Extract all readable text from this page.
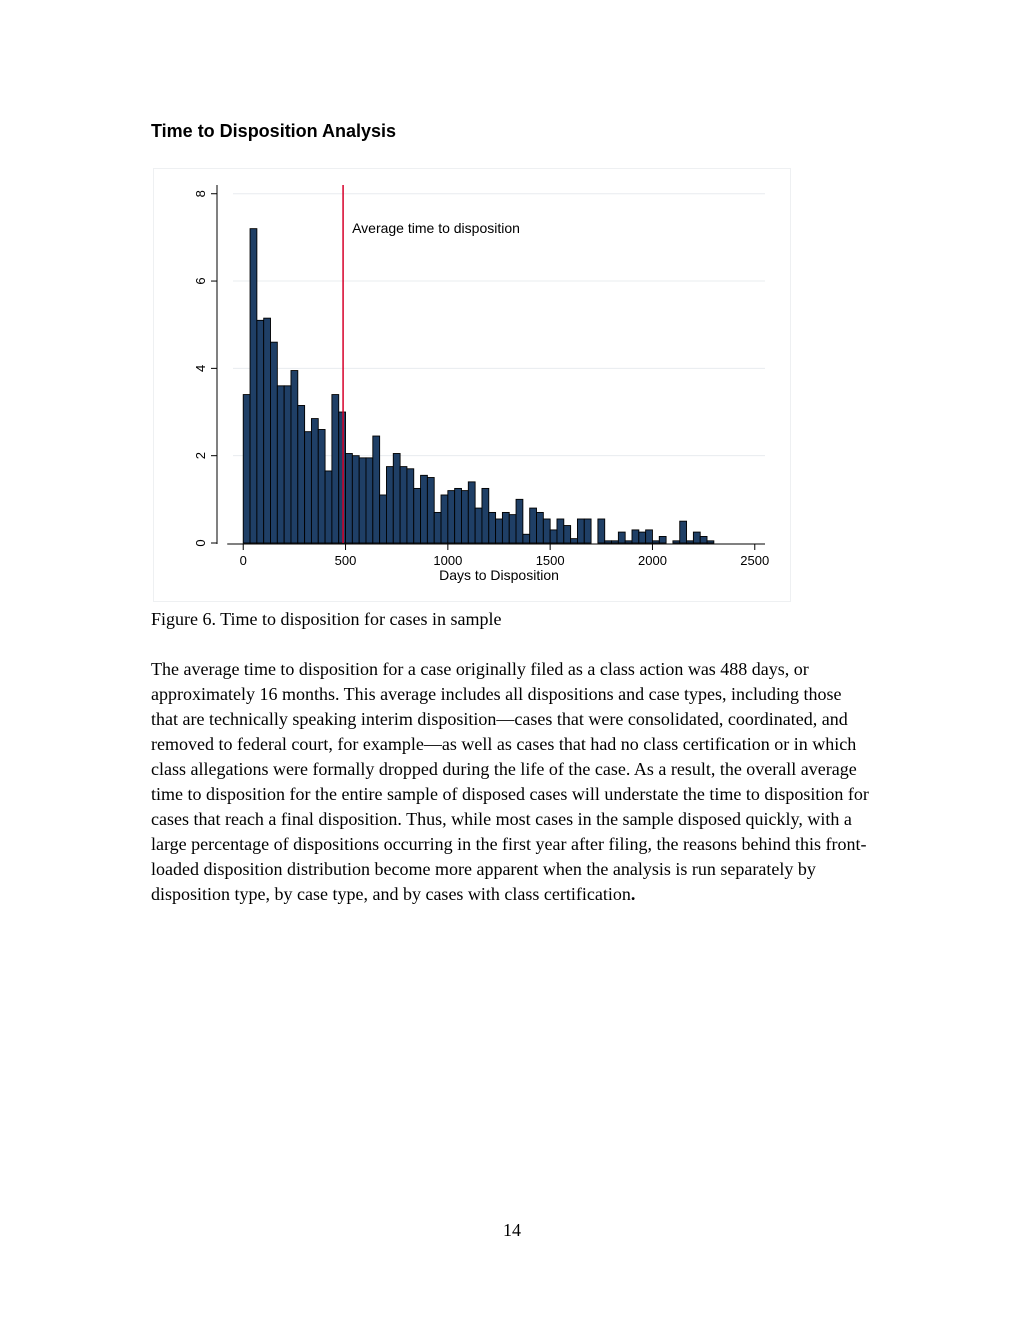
Time to Disposition Analysis
0
2
4
6
8
0	500	1000	1500	2000	2500
Days to Disposition
Average time to disposition
Figure 6. Time to disposition for cases in sample
The average time to disposition for a case originally filed as a class action was 488 days, or approximately 16 months. This average includes all dispositions and case types, including those that are technically speaking interim disposition—cases that were consolidated, coordinated, and removed to federal court, for example—as well as cases that had no class certification or in which class allegations were formally dropped during the life of the case. As a result, the overall average time to disposition for the entire sample of disposed cases will understate the time to disposition for cases that reach a final disposition. Thus, while most cases in the sample disposed quickly, with a large percentage of dispositions occurring in the first year after filing, the reasons behind this front-loaded disposition distribution become more apparent when the analysis is run separately by disposition type, by case type, and by cases with class certification.
14
